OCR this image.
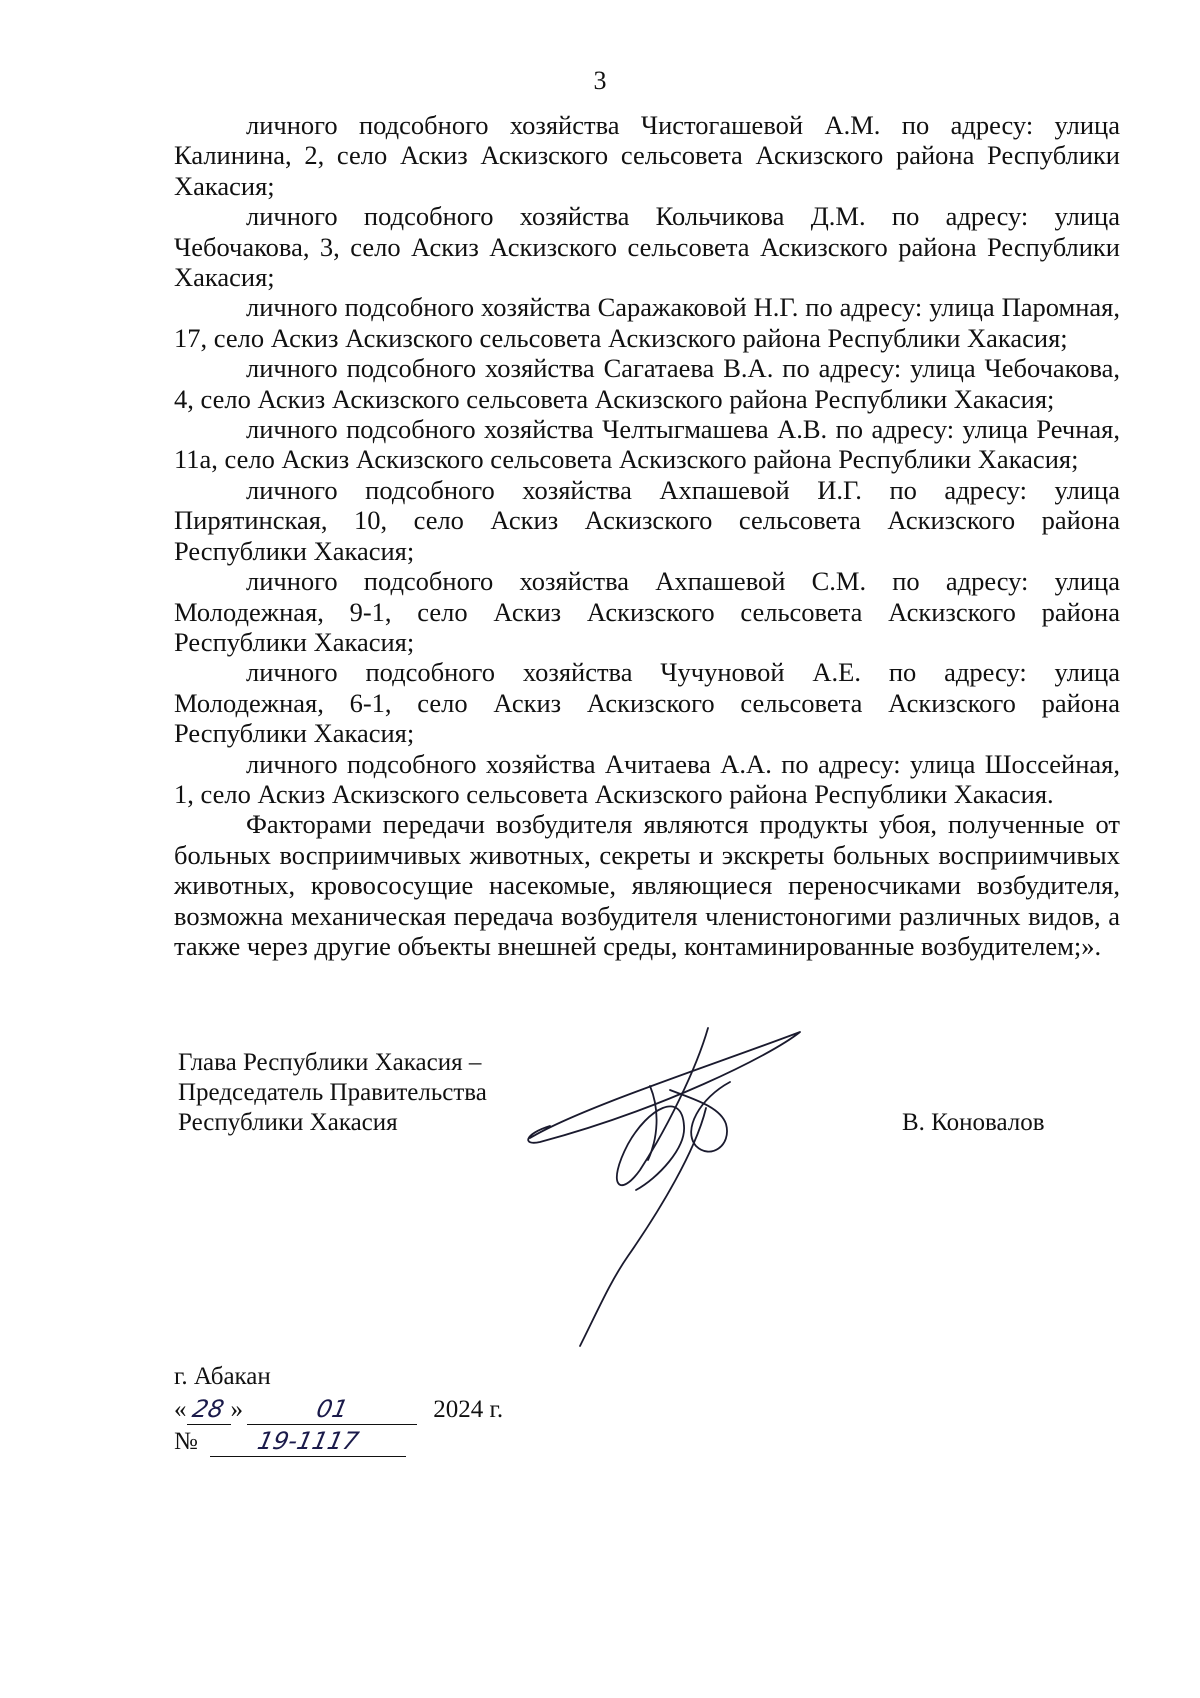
3

личного подсобного хозяйства Чистогашевой А.М. по адресу: улица Калинина, 2, село Аскиз Аскизского сельсовета Аскизского района Республики Хакасия;

личного подсобного хозяйства Кольчикова Д.М. по адресу: улица Чебочакова, 3, село Аскиз Аскизского сельсовета Аскизского района Республики Хакасия;

личного подсобного хозяйства Саражаковой Н.Г. по адресу: улица Паромная, 17, село Аскиз Аскизского сельсовета Аскизского района Республики Хакасия;

личного подсобного хозяйства Сагатаева В.А. по адресу: улица Чебочакова, 4, село Аскиз Аскизского сельсовета Аскизского района Республики Хакасия;

личного подсобного хозяйства Челтыгмашева А.В. по адресу: улица Речная, 11а, село Аскиз Аскизского сельсовета Аскизского района Республики Хакасия;

личного подсобного хозяйства Ахпашевой И.Г. по адресу: улица Пирятинская, 10, село Аскиз Аскизского сельсовета Аскизского района Республики Хакасия;

личного подсобного хозяйства Ахпашевой С.М. по адресу: улица Молодежная, 9-1, село Аскиз Аскизского сельсовета Аскизского района Республики Хакасия;

личного подсобного хозяйства Чучуновой А.Е. по адресу: улица Молодежная, 6-1, село Аскиз Аскизского сельсовета Аскизского района Республики Хакасия;

личного подсобного хозяйства Ачитаева А.А. по адресу: улица Шоссейная, 1, село Аскиз Аскизского сельсовета Аскизского района Республики Хакасия.

Факторами передачи возбудителя являются продукты убоя, полученные от больных восприимчивых животных, секреты и экскреты больных восприимчивых животных, кровососущие насекомые, являющиеся переносчиками возбудителя, возможна механическая передача возбудителя членистоногими различных видов, а также через другие объекты внешней среды, контаминированные возбудителем;».

Глава Республики Хакасия –
Председатель Правительства
Республики Хакасия	В. Коновалов
г. Абакан
« 28 »	01	2024 г.
№ 19-1117
